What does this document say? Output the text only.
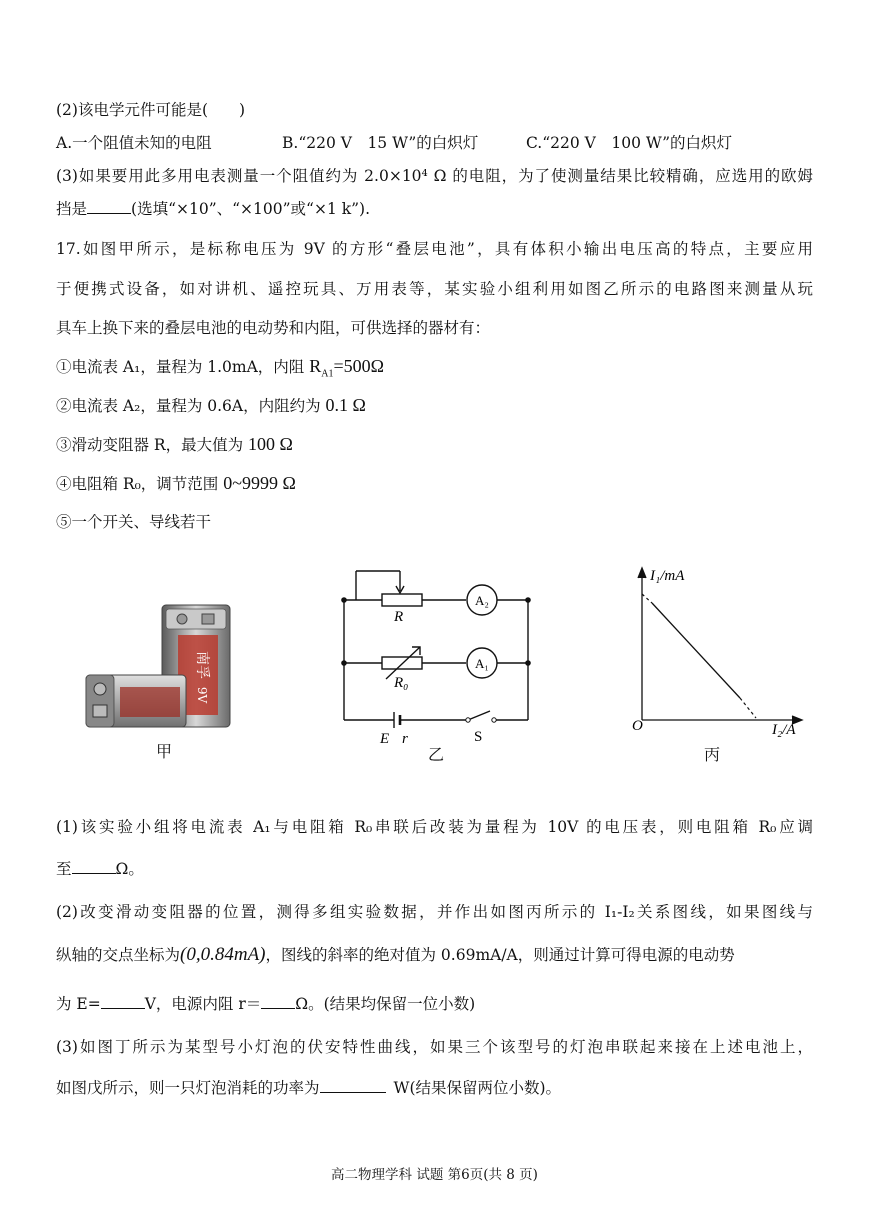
(2)该电学元件可能是(　　)
A.一个阻值未知的电阻	B.“220 V　15 W”的白炽灯	C.“220 V　100 W”的白炽灯
(3)如果要用此多用电表测量一个阻值约为 2.0×10⁴ Ω 的电阻，为了使测量结果比较精确，应选用的欧姆
挡是	(选填“×10”、“×100”或“×1 k”).
17.如图甲所示，是标称电压为 9V 的方形“叠层电池”，具有体积小输出电压高的特点，主要应用
于便携式设备，如对讲机、遥控玩具、万用表等，某实验小组利用如图乙所示的电路图来测量从玩
具车上换下来的叠层电池的电动势和内阻，可供选择的器材有：
①电流表 A₁，量程为 1.0mA，内阻 $R_{A1}=500\Omega$
②电流表 A₂，量程为 0.6A，内阻约为 0.1 Ω
③滑动变阻器 R，最大值为 100 Ω
④电阻箱 R₀，调节范围 0~9999 Ω
⑤一个开关、导线若干
南孚
9V
甲
R
R₀
A₂
A₁
E r	S
乙
I₁/mA
I₂/A
O
丙
(1)该实验小组将电流表 A₁与电阻箱 R₀串联后改装为量程为 10V 的电压表，则电阻箱 R₀应调
至	Ω。
(2)改变滑动变阻器的位置，测得多组实验数据，并作出如图丙所示的 I₁-I₂关系图线，如果图线与
纵轴的交点坐标为(0,0.84mA)，图线的斜率的绝对值为 0.69mA/A，则通过计算可得电源的电动势
为 E=	V，电源内阻 r＝ Ω。(结果均保留一位小数)
(3)如图丁所示为某型号小灯泡的伏安特性曲线，如果三个该型号的灯泡串联起来接在上述电池上，
如图戊所示，则一只灯泡消耗的功率为	W(结果保留两位小数)。
高二物理学科 试题 第6页(共 8 页)
